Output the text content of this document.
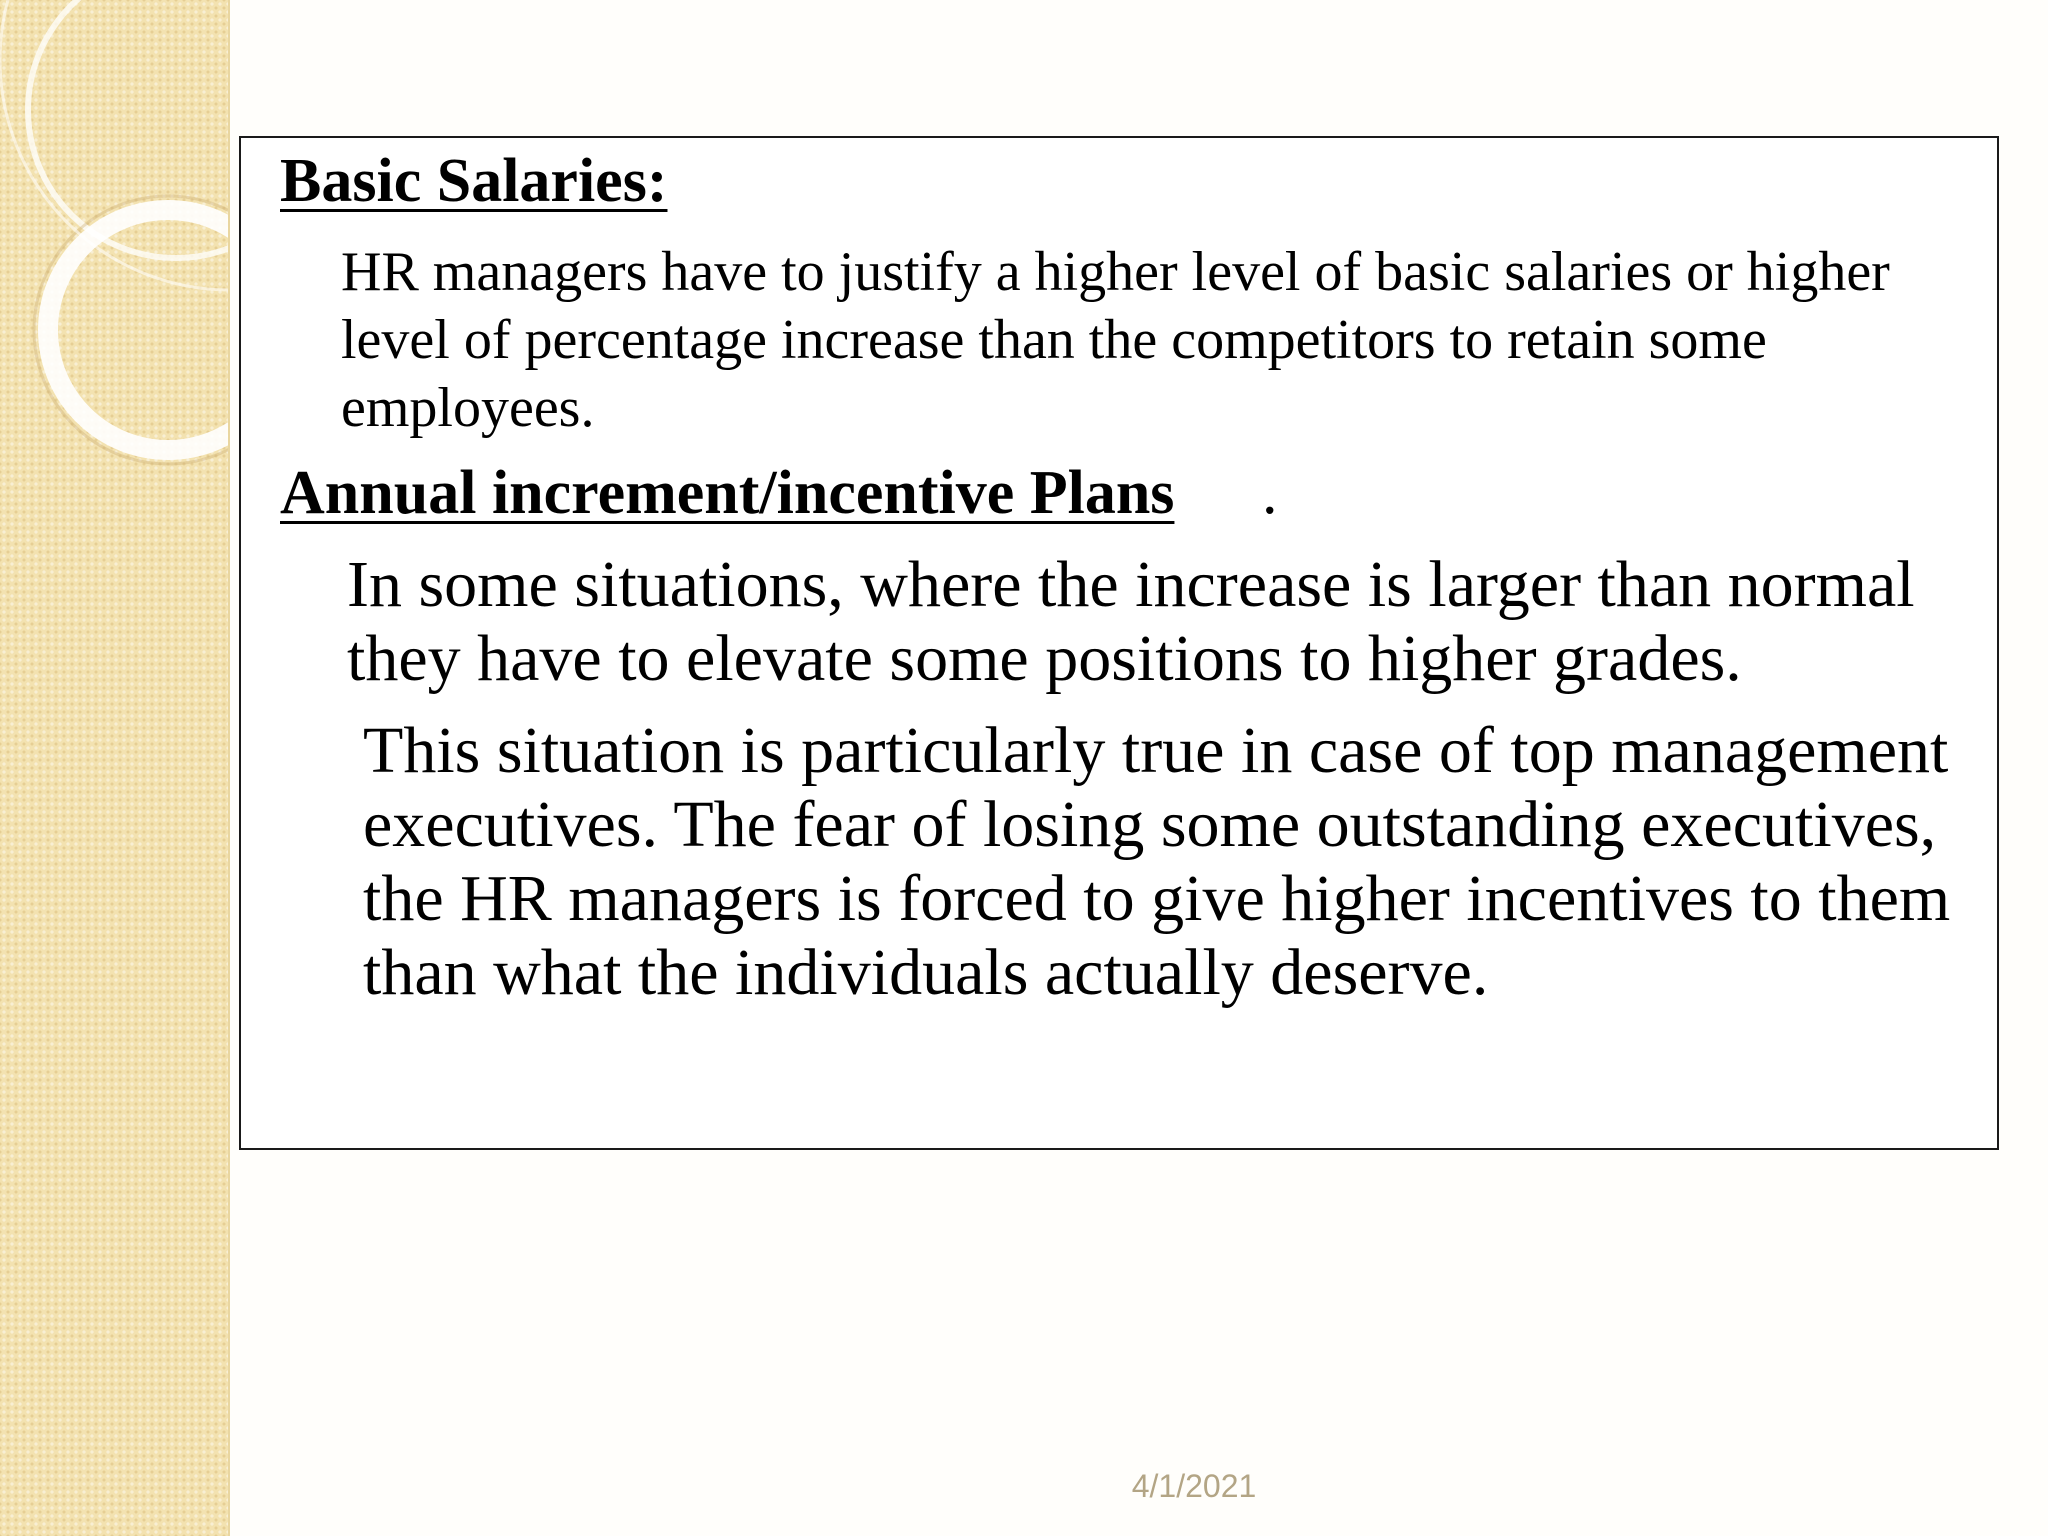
Basic Salaries:
HR managers have to justify a higher level of basic salaries or higher level of percentage increase than the competitors to retain some employees.
Annual increment/incentive Plans .
In some situations, where the increase is larger than normal they have to elevate some positions to higher grades.
This situation is particularly true in case of top management executives. The fear of losing some outstanding executives, the HR managers is forced to give higher incentives to them than what the individuals actually deserve.
4/1/2021
